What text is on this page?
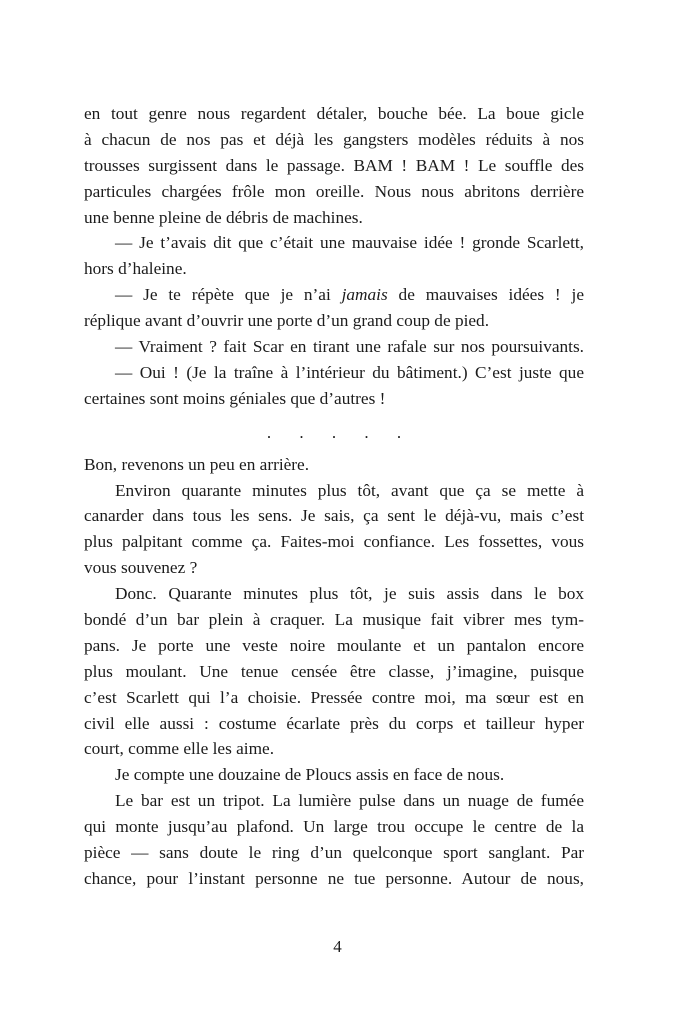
en tout genre nous regardent détaler, bouche bée. La boue gicle
à chacun de nos pas et déjà les gangsters modèles réduits à nos
trousses surgissent dans le passage. BAM ! BAM ! Le souffle des
particules chargées frôle mon oreille. Nous nous abritons derrière
une benne pleine de débris de machines.
— Je t’avais dit que c’était une mauvaise idée ! gronde Scarlett,
hors d’haleine.
— Je te répète que je n’ai jamais de mauvaises idées ! je
réplique avant d’ouvrir une porte d’un grand coup de pied.
— Vraiment ? fait Scar en tirant une rafale sur nos poursuivants.
— Oui ! (Je la traîne à l’intérieur du bâtiment.) C’est juste que
certaines sont moins géniales que d’autres !
. . . . .
Bon, revenons un peu en arrière.
Environ quarante minutes plus tôt, avant que ça se mette à
canarder dans tous les sens. Je sais, ça sent le déjà-vu, mais c’est
plus palpitant comme ça. Faites-moi confiance. Les fossettes, vous
vous souvenez ?
Donc. Quarante minutes plus tôt, je suis assis dans le box
bondé d’un bar plein à craquer. La musique fait vibrer mes tym-
pans. Je porte une veste noire moulante et un pantalon encore
plus moulant. Une tenue censée être classe, j’imagine, puisque
c’est Scarlett qui l’a choisie. Pressée contre moi, ma sœur est en
civil elle aussi : costume écarlate près du corps et tailleur hyper
court, comme elle les aime.
Je compte une douzaine de Ploucs assis en face de nous.
Le bar est un tripot. La lumière pulse dans un nuage de fumée
qui monte jusqu’au plafond. Un large trou occupe le centre de la
pièce — sans doute le ring d’un quelconque sport sanglant. Par
chance, pour l’instant personne ne tue personne. Autour de nous,
4
